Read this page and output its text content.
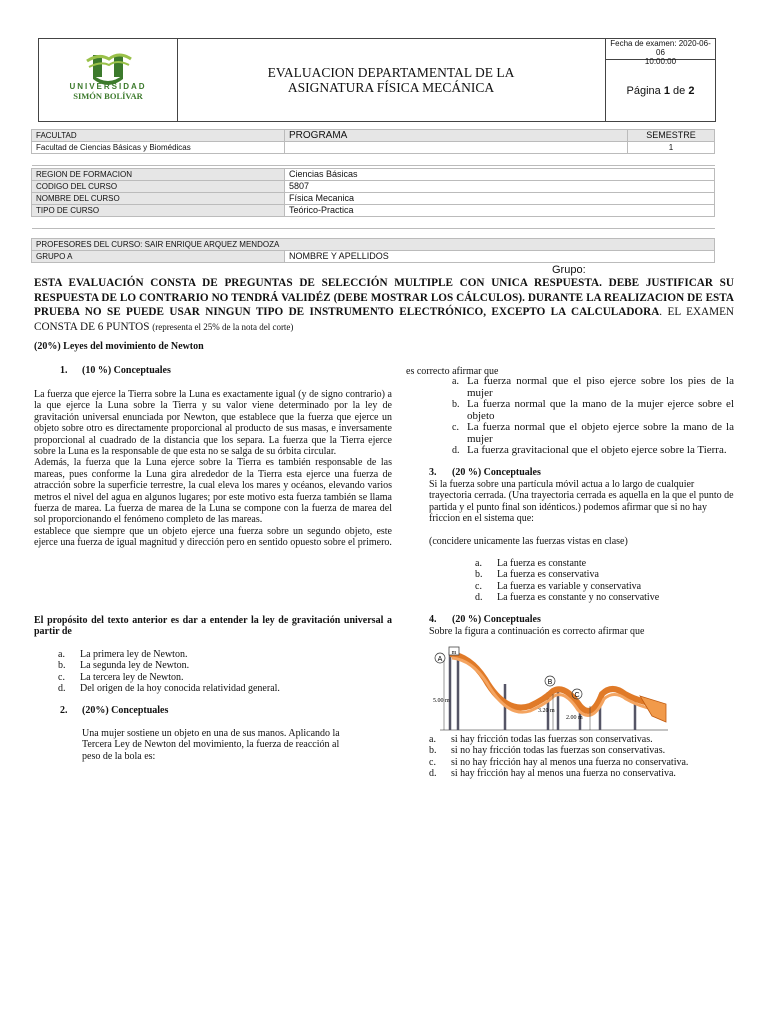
UNIVERSIDAD
SIMÓN BOLÍVAR
EVALUACION DEPARTAMENTAL DE LA ASIGNATURA FÍSICA MECÁNICA
Fecha de examen: 2020-06-06
10:00:00
Página
1
de
2
FACULTAD	PROGRAMA	SEMESTRE
Facultad de Ciencias Básicas y Biomédicas		1

REGION DE FORMACION	Ciencias Básicas
CODIGO DEL CURSO	5807
NOMBRE DEL CURSO	Física Mecanica
TIPO DE CURSO	Teórico-Practica

PROFESORES DEL CURSO: SAIR ENRIQUE ARQUEZ MENDOZA
GRUPO A	NOMBRE Y APELLIDOS
Grupo:
ESTA EVALUACIÓN CONSTA DE PREGUNTAS DE SELECCIÓN MULTIPLE CON UNICA RESPUESTA. DEBE JUSTIFICAR SU RESPUESTA DE LO CONTRARIO NO TENDRÁ VALIDÉZ (DEBE MOSTRAR LOS CÁLCULOS). DURANTE LA REALIZACION DE ESTA PRUEBA NO SE PUEDE USAR NINGUN TIPO DE INSTRUMENTO ELECTRÓNICO, EXCEPTO LA CALCULADORA. EL EXAMEN CONSTA DE 6 PUNTOS (representa el 25% de la nota del corte)
(20%) Leyes del movimiento de Newton
1. (10 %) Conceptuales
La fuerza que ejerce la Tierra sobre la Luna es exactamente igual (y de signo contrario) a la que ejerce la Luna sobre la Tierra y su valor viene determinado por la ley de gravitación universal enunciada por Newton, que establece que la fuerza que ejerce un objeto sobre otro es directamente proporcional al producto de sus masas, e inversamente proporcional al cuadrado de la distancia que los separa. La fuerza que la Tierra ejerce sobre la Luna es la responsable de que esta no se salga de su órbita circular.
Además, la fuerza que la Luna ejerce sobre la Tierra es también responsable de las mareas, pues conforme la Luna gira alrededor de la Tierra esta ejerce una fuerza de atracción sobre la superficie terrestre, la cual eleva los mares y océanos, elevando varios metros el nivel del agua en algunos lugares; por este motivo esta fuerza también se llama fuerza de marea. La fuerza de marea de la Luna se compone con la fuerza de marea del sol proporcionando el fenómeno completo de las mareas.
establece que siempre que un objeto ejerce una fuerza sobre un segundo objeto, este ejerce una fuerza de igual magnitud y dirección pero en sentido opuesto sobre el primero.
El propósito del texto anterior es dar a entender la ley de gravitación universal a partir de
a.	La primera ley de Newton.
b.	La segunda ley de Newton.
c.	La tercera ley de Newton.
d.	Del origen de la hoy conocida relatividad general.
2. (20%) Conceptuales
Una mujer sostiene un objeto en una de sus manos. Aplicando la Tercera Ley de Newton del movimiento, la fuerza de reacción al peso de la bola es:
es correcto afirmar que
a. La fuerza normal que el piso ejerce sobre los pies de la mujer
b. La fuerza normal que la mano de la mujer ejerce sobre el objeto
c. La fuerza normal que el objeto ejerce sobre la mano de la mujer
d. La fuerza gravitacional que el objeto ejerce sobre la Tierra.
3. (20 %) Conceptuales
Si la fuerza sobre una partícula móvil actua a lo largo de cualquier trayectoria cerrada. (Una trayectoria cerrada es aquella en la que el punto de partida y el punto final son idénticos.) podemos afirmar que si no hay friccion en el sistema que:
(concidere unicamente las fuerzas vistas en clase)
a.	La fuerza es constante
b.	La fuerza es conservativa
c.	La fuerza es variable y conservativa
d.	La fuerza es constante y no conservative
4. (20 %) Conceptuales
Sobre la figura a continuación es correcto afirmar que
m
A
B
C
5.00 m
3.20 m
2.00 m
a.	si hay fricción todas las fuerzas son conservativas.
b.	si no hay fricción todas las fuerzas son conservativas.
c.	si no hay fricción hay al menos una fuerza no conservativa.
d.	si hay fricción hay al menos una fuerza no conservativa.
